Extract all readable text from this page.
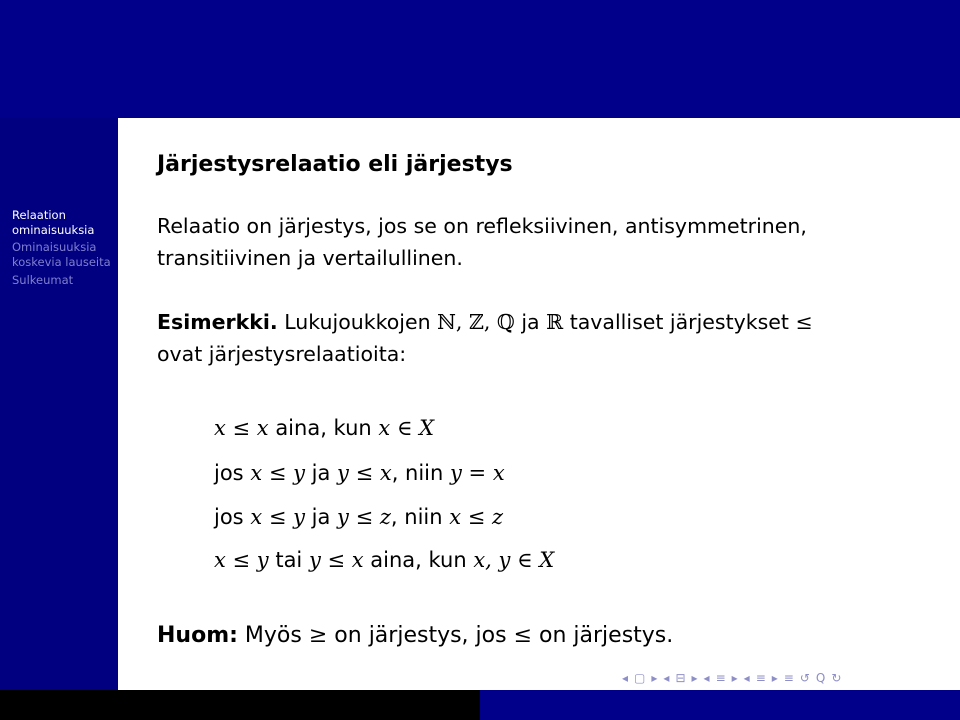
Relaation
ominaisuuksia
Ominaisuuksia
koskevia lauseita
Sulkeumat
Järjestysrelaatio eli järjestys
Relaatio on järjestys, jos se on refleksiivinen, antisymmetrinen,
transitiivinen ja vertailullinen.
Esimerkki. Lukujoukkojen ℕ, ℤ, ℚ ja ℝ tavalliset järjestykset ≤
ovat järjestysrelaatioita:
x ≤ x aina, kun x ∈ X
jos x ≤ y ja y ≤ x, niin y = x
jos x ≤ y ja y ≤ z, niin x ≤ z
x ≤ y tai y ≤ x aina, kun x, y ∈ X
Huom: Myös ≥ on järjestys, jos ≤ on järjestys.
◂ ▢ ▸ ◂ ⊟ ▸ ◂ ≡ ▸ ◂ ≡ ▸ ≡ ↺ Q ↻
